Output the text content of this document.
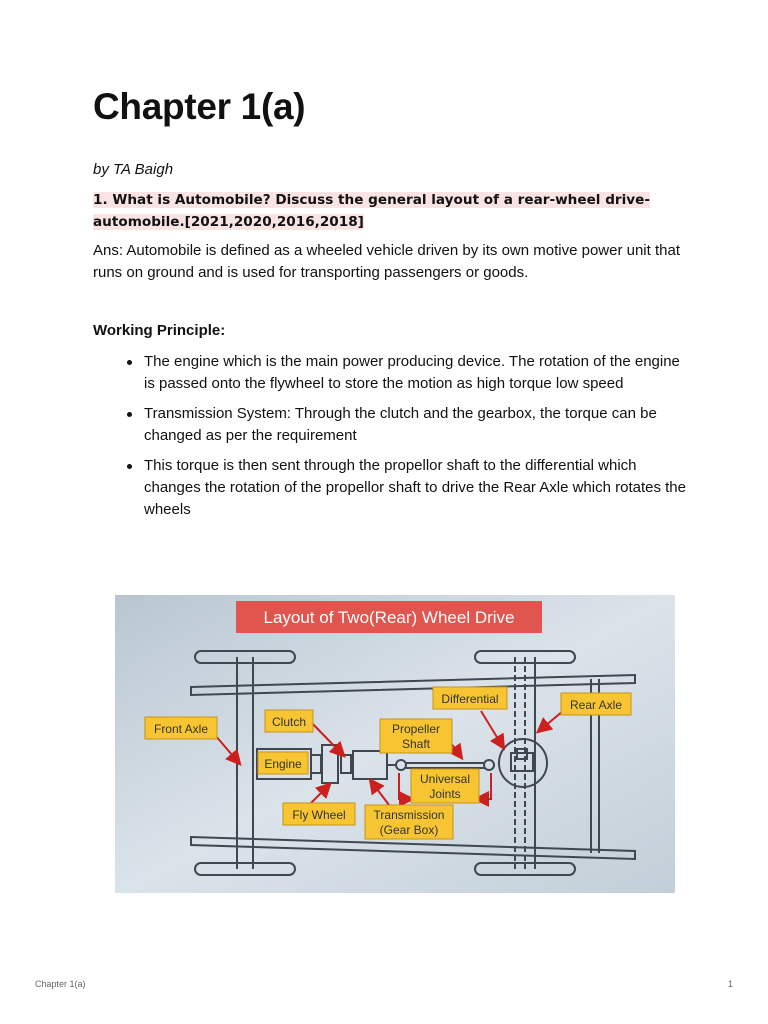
Chapter 1(a)
by TA Baigh
1. What is Automobile? Discuss the general layout of a rear-wheel drive-automobile.[2021,2020,2016,2018]
Ans: Automobile is defined as a wheeled vehicle driven by its own motive power unit that runs on ground and is used for transporting passengers or goods.
Working Principle:
The engine which is the main power producing device. The rotation of the engine is passed onto the flywheel to store the motion as high torque low speed
Transmission System: Through the clutch and the gearbox, the torque can be changed as per the requirement
This torque is then sent through the propellor shaft to the differential which changes the rotation of the propellor shaft to drive the Rear Axle which rotates the wheels
Layout of Two(Rear) Wheel Drive
Front Axle	Clutch
Engine
Fly Wheel
Propeller
Shaft
Differential	Rear Axle
Universal
Joints
Transmission
(Gear Box)
Chapter 1(a)	1
